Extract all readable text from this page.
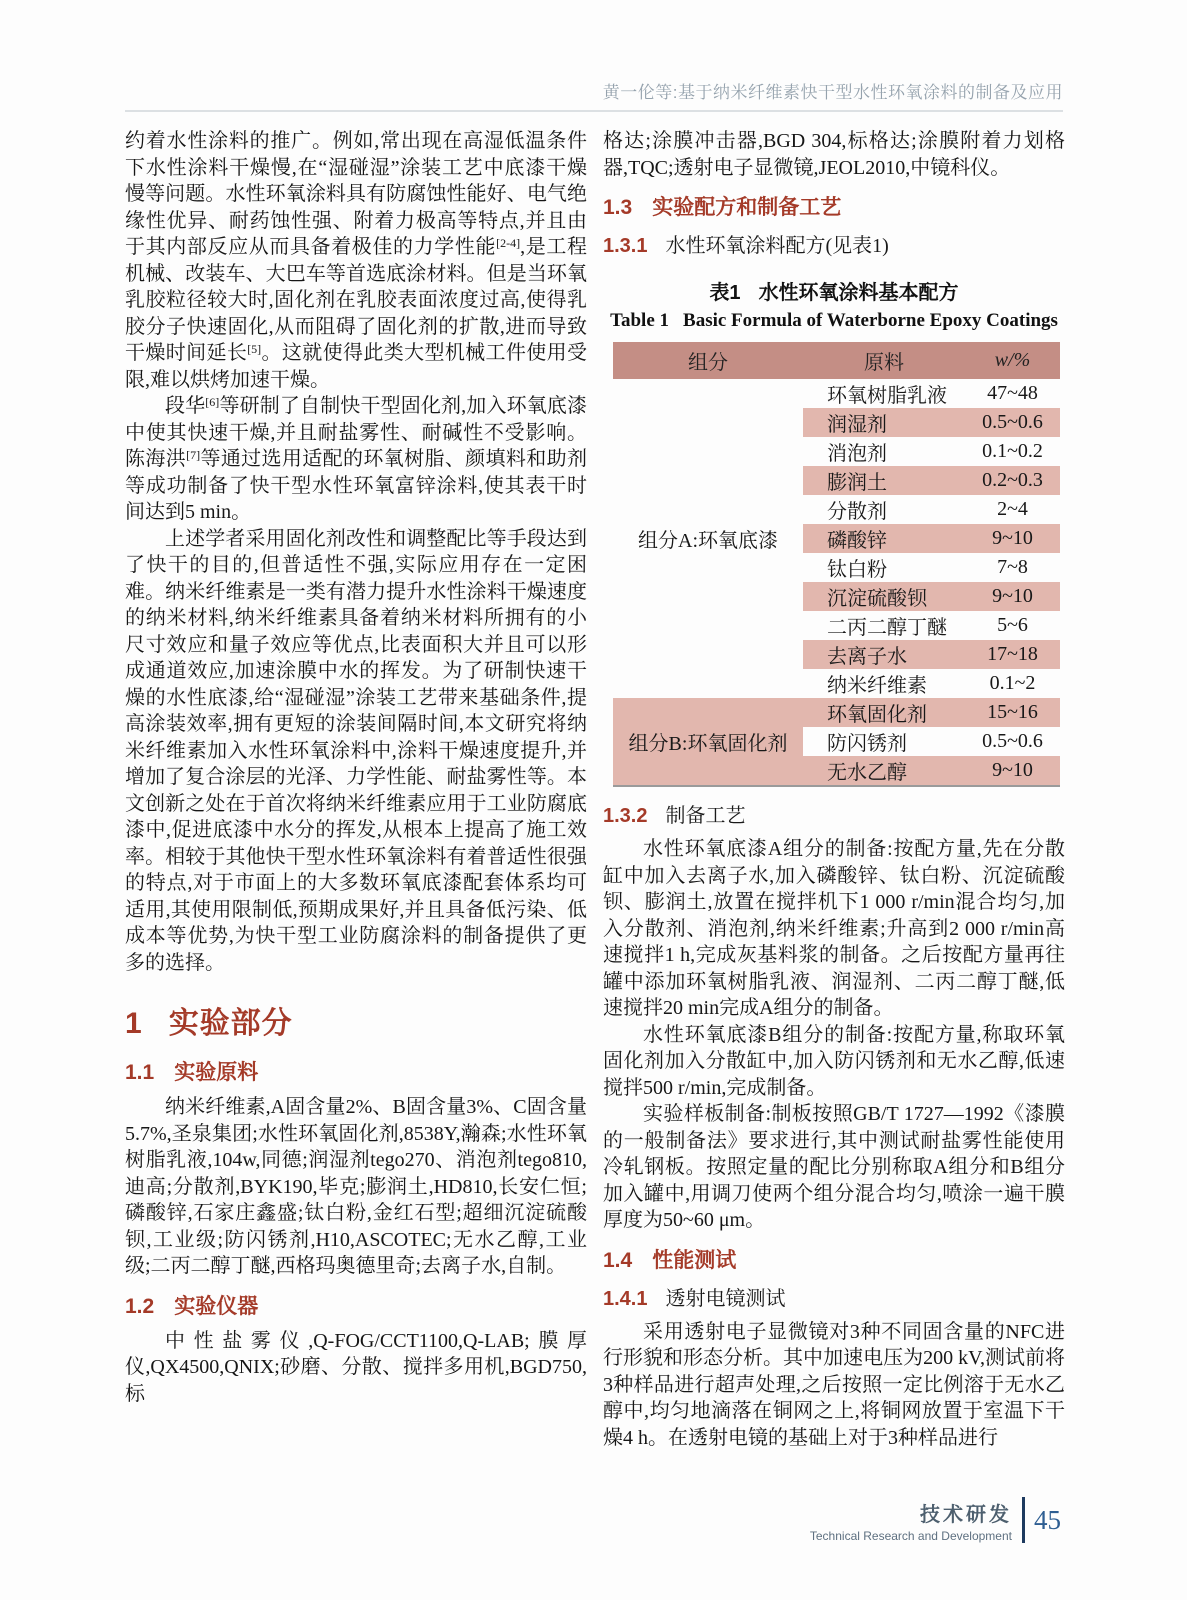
黄一伦等:基于纳米纤维素快干型水性环氧涂料的制备及应用

约着水性涂料的推广。例如,常出现在高湿低温条件下水性涂料干燥慢,在“湿碰湿”涂装工艺中底漆干燥慢等问题。水性环氧涂料具有防腐蚀性能好、电气绝缘性优异、耐药蚀性强、附着力极高等特点,并且由于其内部反应从而具备着极佳的力学性能[2-4],是工程机械、改装车、大巴车等首选底涂材料。但是当环氧乳胶粒径较大时,固化剂在乳胶表面浓度过高,使得乳胶分子快速固化,从而阻碍了固化剂的扩散,进而导致干燥时间延长[5]。这就使得此类大型机械工件使用受限,难以烘烤加速干燥。

段华[6]等研制了自制快干型固化剂,加入环氧底漆中使其快速干燥,并且耐盐雾性、耐碱性不受影响。陈海洪[7]等通过选用适配的环氧树脂、颜填料和助剂等成功制备了快干型水性环氧富锌涂料,使其表干时间达到5 min。

上述学者采用固化剂改性和调整配比等手段达到了快干的目的,但普适性不强,实际应用存在一定困难。纳米纤维素是一类有潜力提升水性涂料干燥速度的纳米材料,纳米纤维素具备着纳米材料所拥有的小尺寸效应和量子效应等优点,比表面积大并且可以形成通道效应,加速涂膜中水的挥发。为了研制快速干燥的水性底漆,给“湿碰湿”涂装工艺带来基础条件,提高涂装效率,拥有更短的涂装间隔时间,本文研究将纳米纤维素加入水性环氧涂料中,涂料干燥速度提升,并增加了复合涂层的光泽、力学性能、耐盐雾性等。本文创新之处在于首次将纳米纤维素应用于工业防腐底漆中,促进底漆中水分的挥发,从根本上提高了施工效率。相较于其他快干型水性环氧涂料有着普适性很强的特点,对于市面上的大多数环氧底漆配套体系均可适用,其使用限制低,预期成果好,并且具备低污染、低成本等优势,为快干型工业防腐涂料的制备提供了更多的选择。

1 实验部分
1.1 实验原料

纳米纤维素,A固含量2%、B固含量3%、C固含量5.7%,圣泉集团;水性环氧固化剂,8538Y,瀚森;水性环氧树脂乳液,104w,同德;润湿剂tego270、消泡剂tego810,迪高;分散剂,BYK190,毕克;膨润土,HD810,长安仁恒;磷酸锌,石家庄鑫盛;钛白粉,金红石型;超细沉淀硫酸钡,工业级;防闪锈剂,H10,ASCOTEC;无水乙醇,工业级;二丙二醇丁醚,西格玛奥德里奇;去离子水,自制。

1.2 实验仪器

中性盐雾仪,Q-FOG/CCT1100,Q-LAB;膜厚仪,QX4500,QNIX;砂磨、分散、搅拌多用机,BGD750,标

格达;涂膜冲击器,BGD 304,标格达;涂膜附着力划格器,TQC;透射电子显微镜,JEOL2010,中镜科仪。

1.3 实验配方和制备工艺
1.3.1 水性环氧涂料配方(见表1)
表1 水性环氧涂料基本配方
Table 1 Basic Formula of Waterborne Epoxy Coatings
组分	原料	w/%
组分A:环氧底漆	环氧树脂乳液	47~48
	润湿剂	0.5~0.6
	消泡剂	0.1~0.2
	膨润土	0.2~0.3
	分散剂	2~4
	磷酸锌	9~10
	钛白粉	7~8
	沉淀硫酸钡	9~10
	二丙二醇丁醚	5~6
	去离子水	17~18
	纳米纤维素	0.1~2
组分B:环氧固化剂	环氧固化剂	15~16
	防闪锈剂	0.5~0.6
	无水乙醇	9~10
1.3.2 制备工艺

水性环氧底漆A组分的制备:按配方量,先在分散缸中加入去离子水,加入磷酸锌、钛白粉、沉淀硫酸钡、膨润土,放置在搅拌机下1 000 r/min混合均匀,加入分散剂、消泡剂,纳米纤维素;升高到2 000 r/min高速搅拌1 h,完成灰基料浆的制备。之后按配方量再往罐中添加环氧树脂乳液、润湿剂、二丙二醇丁醚,低速搅拌20 min完成A组分的制备。

水性环氧底漆B组分的制备:按配方量,称取环氧固化剂加入分散缸中,加入防闪锈剂和无水乙醇,低速搅拌500 r/min,完成制备。

实验样板制备:制板按照GB/T 1727—1992《漆膜的一般制备法》要求进行,其中测试耐盐雾性能使用冷轧钢板。按照定量的配比分别称取A组分和B组分加入罐中,用调刀使两个组分混合均匀,喷涂一遍干膜厚度为50~60 μm。

1.4 性能测试
1.4.1 透射电镜测试

采用透射电子显微镜对3种不同固含量的NFC进行形貌和形态分析。其中加速电压为200 kV,测试前将3种样品进行超声处理,之后按照一定比例溶于无水乙醇中,均匀地滴落在铜网之上,将铜网放置于室温下干燥4 h。在透射电镜的基础上对于3种样品进行

技术研发
Technical Research and Development
45
